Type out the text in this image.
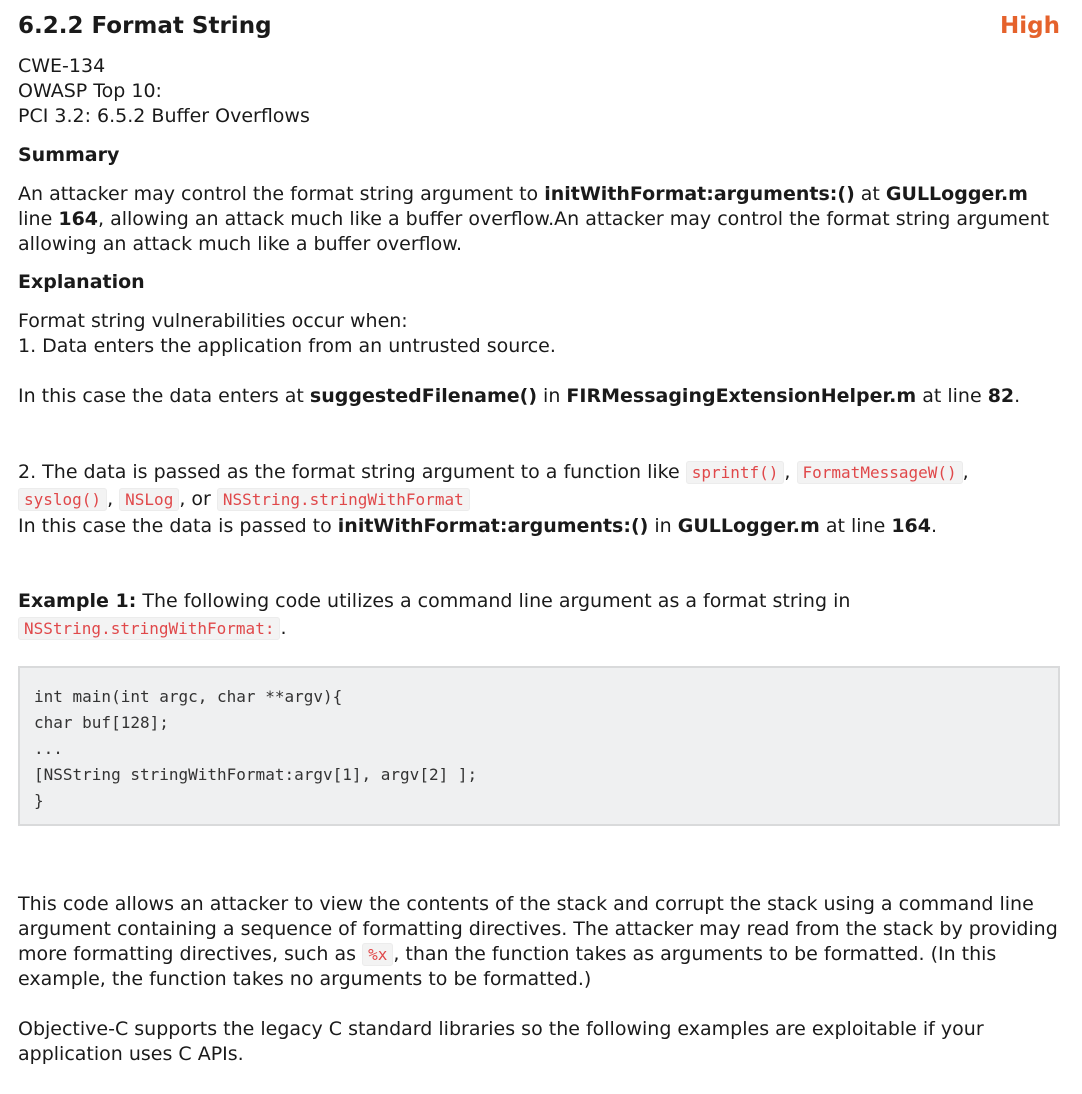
6.2.2 Format String	High
CWE-134
OWASP Top 10:
PCI 3.2: 6.5.2 Buffer Overflows
Summary
An attacker may control the format string argument to initWithFormat:arguments:() at GULLogger.m line 164, allowing an attack much like a buffer overflow.An attacker may control the format string argument allowing an attack much like a buffer overflow.
Explanation
Format string vulnerabilities occur when:
1. Data enters the application from an untrusted source.
In this case the data enters at suggestedFilename() in FIRMessagingExtensionHelper.m at line 82.
2. The data is passed as the format string argument to a function like sprintf() , FormatMessageW() , syslog() , NSLog , or NSString.stringWithFormat
In this case the data is passed to initWithFormat:arguments:() in GULLogger.m at line 164.
Example 1: The following code utilizes a command line argument as a format string in NSString.stringWithFormat: .
int main(int argc, char **argv){
char buf[128];
...
[NSString stringWithFormat:argv[1], argv[2] ];
}
This code allows an attacker to view the contents of the stack and corrupt the stack using a command line argument containing a sequence of formatting directives. The attacker may read from the stack by providing more formatting directives, such as %x , than the function takes as arguments to be formatted. (In this example, the function takes no arguments to be formatted.)
Objective-C supports the legacy C standard libraries so the following examples are exploitable if your application uses C APIs.
